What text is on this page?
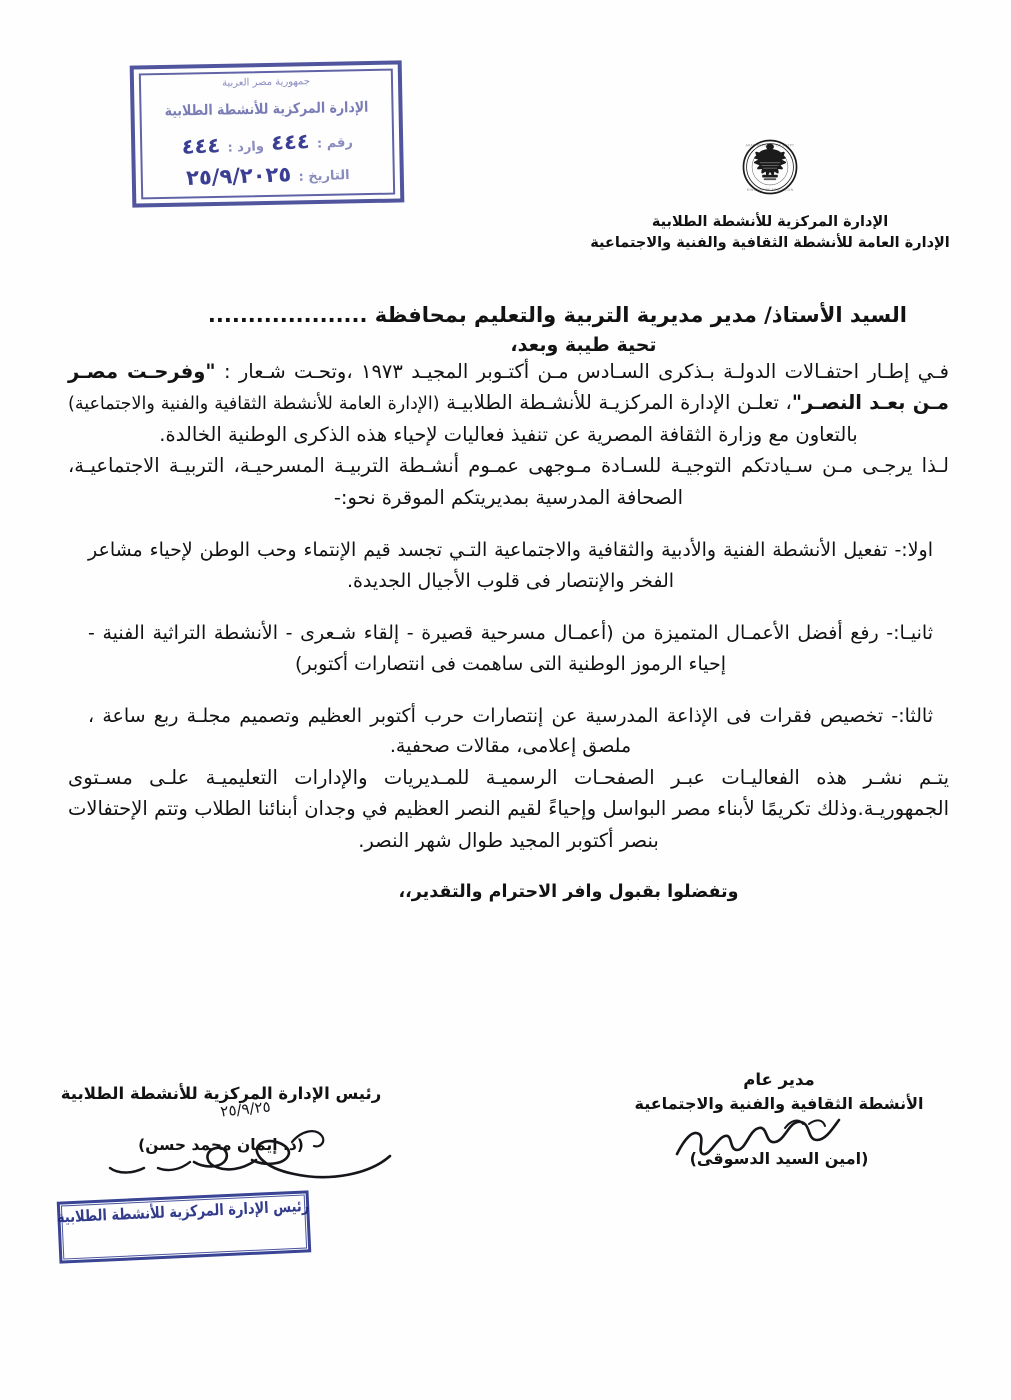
جمهورية مصر العربية
الإدارة المركزية للأنشطة الطلابية
رقم : ٤٤٤ وارد : ٤٤٤
التاريخ : ٢٥/٩/٢٠٢٥
ARAB REPUBLIC OF EGYPT
MINISTRY OF EDUCATION
الإدارة المركزية للأنشطة الطلابية
الإدارة العامة للأنشطة الثقافية والفنية والاجتماعية
السيد الأستاذ/ مدير مديرية التربية والتعليم بمحافظة ....................
تحية طيبة وبعد،

فـي إطـار احتفـالات الدولـة بـذكرى السـادس مـن أكتـوبر المجيـد ١٩٧٣ ،وتحـت شـعار : "وفرحـت مصـر مـن بعـد النصـر"، تعلـن الإدارة المركزيـة للأنشـطة الطلابيـة (الإدارة العامة للأنشطة الثقافية والفنية والاجتماعية) بالتعاون مع وزارة الثقافة المصرية عن تنفيذ فعاليات لإحياء هذه الذكرى الوطنية الخالدة.

لـذا يرجـى مـن سـيادتكم التوجيـة للسـادة مـوجهى عمـوم أنشـطة التربيـة المسرحيـة، التربيـة الاجتماعيـة، الصحافة المدرسية بمديريتكم الموقرة نحو:-

اولا:- تفعيل الأنشطة الفنية والأدبية والثقافية والاجتماعية التـي تجسد قيم الإنتماء وحب الوطن لإحياء مشاعر الفخر والإنتصار فى قلوب الأجيال الجديدة.

ثانيـا:- رفع أفضل الأعمـال المتميزة من (أعمـال مسرحية قصيرة - إلقاء شـعرى - الأنشطة التراثية الفنية - إحياء الرموز الوطنية التى ساهمت فى انتصارات أكتوبر)

ثالثا:- تخصيص فقرات فى الإذاعة المدرسية عن إنتصارات حرب أكتوبر العظيم وتصميم مجلـة ربع ساعة ، ملصق إعلامى، مقالات صحفية.

يتـم نشـر هذه الفعاليـات عبـر الصفحـات الرسميـة للمـديريات والإدارات التعليميـة علـى مسـتوى الجمهوريـة.وذلك تكريمًا لأبناء مصر البواسل وإحياءً لقيم النصر العظيم في وجدان أبنائنا الطلاب وتتم الإحتفالات بنصر أكتوبر المجيد طوال شهر النصر.

وتفضلوا بقبول وافر الاحترام والتقدير،،
مدير عام
الأنشطة الثقافية والفنية والاجتماعية
(امين السيد الدسوقى)
رئيس الإدارة المركزية للأنشطة الطلابية
٢٥/٩/٢٥
(د. إيمان محمد حسن)
رئيس الإدارة المركزية للأنشطة الطلابية
